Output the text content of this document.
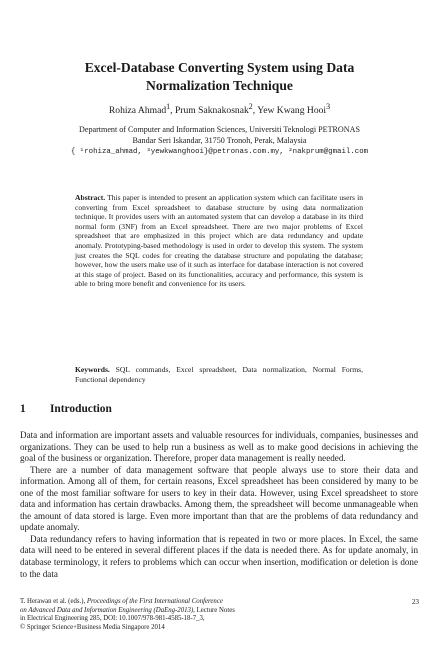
Excel-Database Converting System using Data
Normalization Technique
Rohiza Ahmad$^1$, Prum Saknakosnak$^2$, Yew Kwang Hooi$^3$
Department of Computer and Information Sciences, Universiti Teknologi PETRONAS
Bandar Seri Iskandar, 31750 Tronoh, Perak, Malaysia
{ ¹rohiza_ahmad, ³yewkwanghooi}@petronas.com.my, ²nakprum@gmail.com
Abstract. This paper is intended to present an application system which can facilitate users in converting from Excel spreadsheet to database structure by using data normalization technique. It provides users with an automated system that can develop a database in its third normal form (3NF) from an Excel spreadsheet. There are two major problems of Excel spreadsheet that are emphasized in this project which are data redundancy and update anomaly. Prototyping-based methodology is used in order to develop this system. The system just creates the SQL codes for creating the database structure and populating the database; however, how the users make use of it such as interface for database interaction is not covered at this stage of project. Based on its functionalities, accuracy and performance, this system is able to bring more benefit and convenience for its users.
Keywords. SQL commands, Excel spreadsheet, Data normalization, Normal Forms, Functional dependency
1 Introduction

Data and information are important assets and valuable resources for individuals, companies, businesses and organizations. They can be used to help run a business as well as to make good decisions in achieving the goal of the business or organization. Therefore, proper data management is really needed.

There are a number of data management software that people always use to store their data and information. Among all of them, for certain reasons, Excel spreadsheet has been considered by many to be one of the most familiar software for users to key in their data. However, using Excel spreadsheet to store data and information has certain drawbacks. Among them, the spreadsheet will become unmanageable when the amount of data stored is large. Even more important than that are the problems of data redundancy and update anomaly.

Data redundancy refers to having information that is repeated in two or more places. In Excel, the same data will need to be entered in several different places if the data is needed there. As for update anomaly, in database terminology, it refers to problems which can occur when insertion, modification or deletion is done to the data

T. Herawan et al. (eds.), Proceedings of the First International Conference
on Advanced Data and Information Engineering (DaEng-2013), Lecture Notes
in Electrical Engineering 285, DOI: 10.1007/978-981-4585-18-7_3,
© Springer Science+Business Media Singapore 2014
23
